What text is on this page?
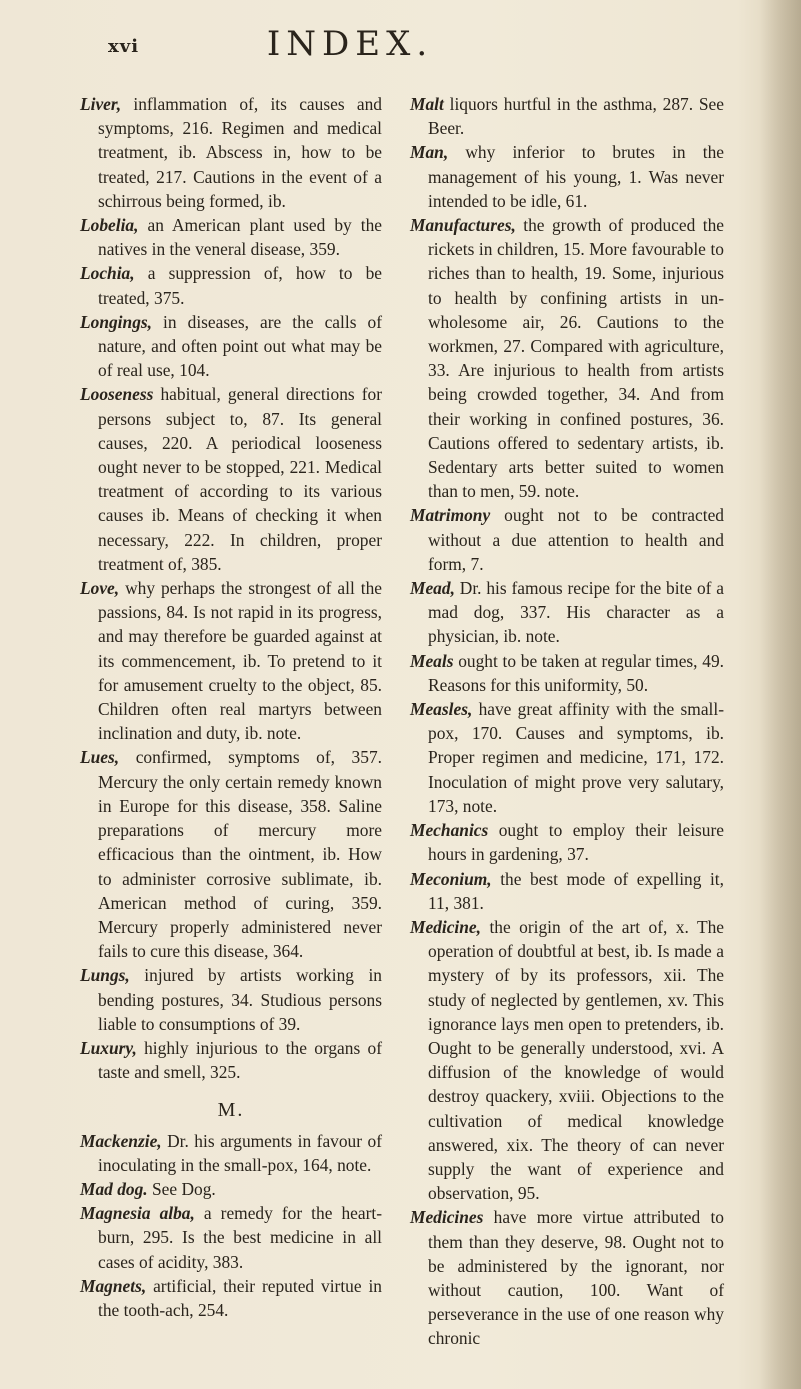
xvi	INDEX.

Liver, inflammation of, its causes and symptoms, 216. Regimen and medical treatment, ib. Abscess in, how to be treated, 217. Cautions in the event of a schirrous being formed, ib.

Lobelia, an American plant used by the natives in the veneral disease, 359.

Lochia, a suppression of, how to be treated, 375.

Longings, in diseases, are the calls of nature, and often point out what may be of real use, 104.

Looseness habitual, general directions for persons subject to, 87. Its general causes, 220. A periodical looseness ought never to be stopped, 221. Medical treatment of according to its various causes ib. Means of checking it when necessary, 222. In children, proper treatment of, 385.

Love, why perhaps the strongest of all the passions, 84. Is not rapid in its progress, and may therefore be guarded against at its commencement, ib. To pretend to it for amusement cruelty to the object, 85. Children often real martyrs between inclination and duty, ib. note.

Lues, confirmed, symptoms of, 357. Mercury the only certain remedy known in Europe for this disease, 358. Saline preparations of mercury more efficacious than the ointment, ib. How to administer corrosive sublimate, ib. American method of curing, 359. Mercury properly administered never fails to cure this disease, 364.

Lungs, injured by artists working in bending postures, 34. Studious persons liable to consumptions of 39.

Luxury, highly injurious to the organs of taste and smell, 325.

M.

Mackenzie, Dr. his arguments in favour of inoculating in the small-pox, 164, note.

Mad dog. See Dog.

Magnesia alba, a remedy for the heart-burn, 295. Is the best medicine in all cases of acidity, 383.

Magnets, artificial, their reputed virtue in the tooth-ach, 254.

Malt liquors hurtful in the asthma, 287. See Beer.

Man, why inferior to brutes in the management of his young, 1. Was never intended to be idle, 61.

Manufactures, the growth of produced the rickets in children, 15. More favourable to riches than to health, 19. Some, injurious to health by confining artists in unwholesome air, 26. Cautions to the workmen, 27. Compared with agriculture, 33. Are injurious to health from artists being crowded together, 34. And from their working in confined postures, 36. Cautions offered to sedentary artists, ib. Sedentary arts better suited to women than to men, 59. note.

Matrimony ought not to be contracted without a due attention to health and form, 7.

Mead, Dr. his famous recipe for the bite of a mad dog, 337. His character as a physician, ib. note.

Meals ought to be taken at regular times, 49. Reasons for this uniformity, 50.

Measles, have great affinity with the small-pox, 170. Causes and symptoms, ib. Proper regimen and medicine, 171, 172. Inoculation of might prove very salutary, 173, note.

Mechanics ought to employ their leisure hours in gardening, 37.

Meconium, the best mode of expelling it, 11, 381.

Medicine, the origin of the art of, x. The operation of doubtful at best, ib. Is made a mystery of by its professors, xii. The study of neglected by gentlemen, xv. This ignorance lays men open to pretenders, ib. Ought to be generally understood, xvi. A diffusion of the knowledge of would destroy quackery, xviii. Objections to the cultivation of medical knowledge answered, xix. The theory of can never supply the want of experience and observation, 95.

Medicines have more virtue attributed to them than they deserve, 98. Ought not to be administered by the ignorant, nor without caution, 100. Want of perseverance in the use of one reason why chronic
